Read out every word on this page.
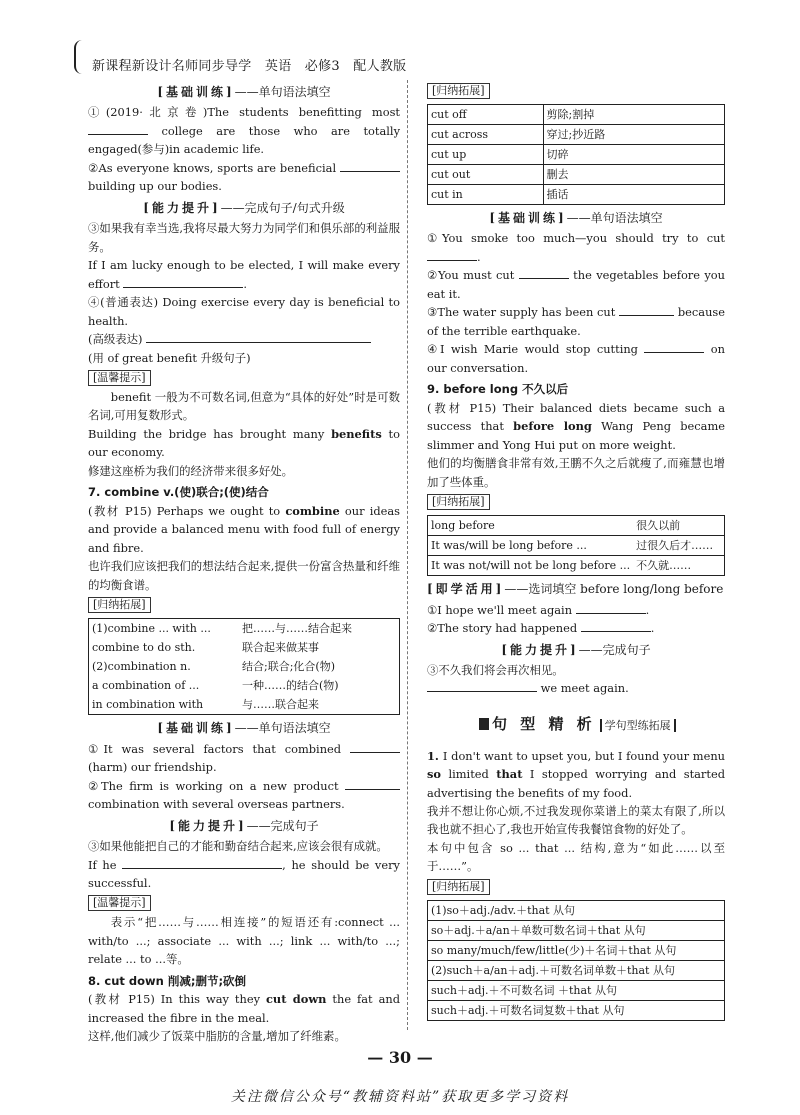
新课程新设计名师同步导学　英语　必修3　配人教版
[基础训练]——单句语法填空

①(2019·北京卷)The students benefitting most  college are those who are totally engaged(参与)in academic life.

②As everyone knows, sports are beneficial  building up our bodies.

[能力提升]——完成句子/句式升级

③如果我有幸当选,我将尽最大努力为同学们和俱乐部的利益服务。

If I am lucky enough to be elected, I will make every effort	.

④(普通表达) Doing exercise every day is beneficial to health.

(高级表达)

(用 of great benefit 升级句子)

[温馨提示]

benefit 一般为不可数名词,但意为“具体的好处”时是可数名词,可用复数形式。

Building the bridge has brought many benefits to our economy.

修建这座桥为我们的经济带来很多好处。

7. combine v.(使)联合;(使)结合

(教材 P15) Perhaps we ought to combine our ideas and provide a balanced menu with food full of energy and fibre.

也许我们应该把我们的想法结合起来,提供一份富含热量和纤维的均衡食谱。

[归纳拓展]
(1)combine ... with ...	把……与……结合起来
combine to do sth.	联合起来做某事
(2)combination n.	结合;联合;化合(物)
a combination of ...	一种……的结合(物)
in combination with	与……联合起来
[基础训练]——单句语法填空

①It was several factors that combined  (harm) our friendship.

②The firm is working on a new product  combination with several overseas partners.

[能力提升]——完成句子

③如果他能把自己的才能和勤奋结合起来,应该会很有成就。

If he	, he should be very successful.

[温馨提示]

表示“把……与……相连接”的短语还有:connect ... with/to ...; associate ... with ...; link ... with/to ...; relate ... to ...等。

8. cut down 削减;删节;砍倒

(教材 P15) In this way they cut down the fat and increased the fibre in the meal.

这样,他们减少了饭菜中脂肪的含量,增加了纤维素。

[归纳拓展]
cut off	剪除;割掉
cut across	穿过;抄近路
cut up	切碎
cut out	删去
cut in	插话
[基础训练]——单句语法填空

①You smoke too much—you should try to cut .

②You must cut	the vegetables before you eat it.

③The water supply has been cut	because of the terrible earthquake.

④I wish Marie would stop cutting	on our conversation.

9. before long 不久以后

(教材 P15) Their balanced diets became such a success that before long Wang Peng became slimmer and Yong Hui put on more weight.

他们的均衡膳食非常有效,王鹏不久之后就瘦了,而雍慧也增加了些体重。

[归纳拓展]
long before	很久以前
It was/will be long before ...	过很久后才……
It was not/will not be long before ...	不久就……
[即学活用]——选词填空 before long/long before

①I hope we'll meet again	.

②The story had happened	.

[能力提升]——完成句子

③不久我们将会再次相见。

we meet again.

句 型 精 析 学句型练拓展

1. I don't want to upset you, but I found your menu so limited that I stopped worrying and started advertising the benefits of my food.

我并不想让你心烦,不过我发现你菜谱上的菜太有限了,所以我也就不担心了,我也开始宣传我餐馆食物的好处了。

本句中包含 so ... that ... 结构,意为“如此……以至于……”。

[归纳拓展]
(1)so＋adj./adv.＋that 从句
so＋adj.＋a/an＋单数可数名词＋that 从句
so many/much/few/little(少)＋名词＋that 从句
(2)such＋a/an＋adj.＋可数名词单数＋that 从句
such＋adj.＋不可数名词 ＋that 从句
such＋adj.＋可数名词复数＋that 从句
— 30 —
关注微信公众号“教辅资料站”获取更多学习资料
